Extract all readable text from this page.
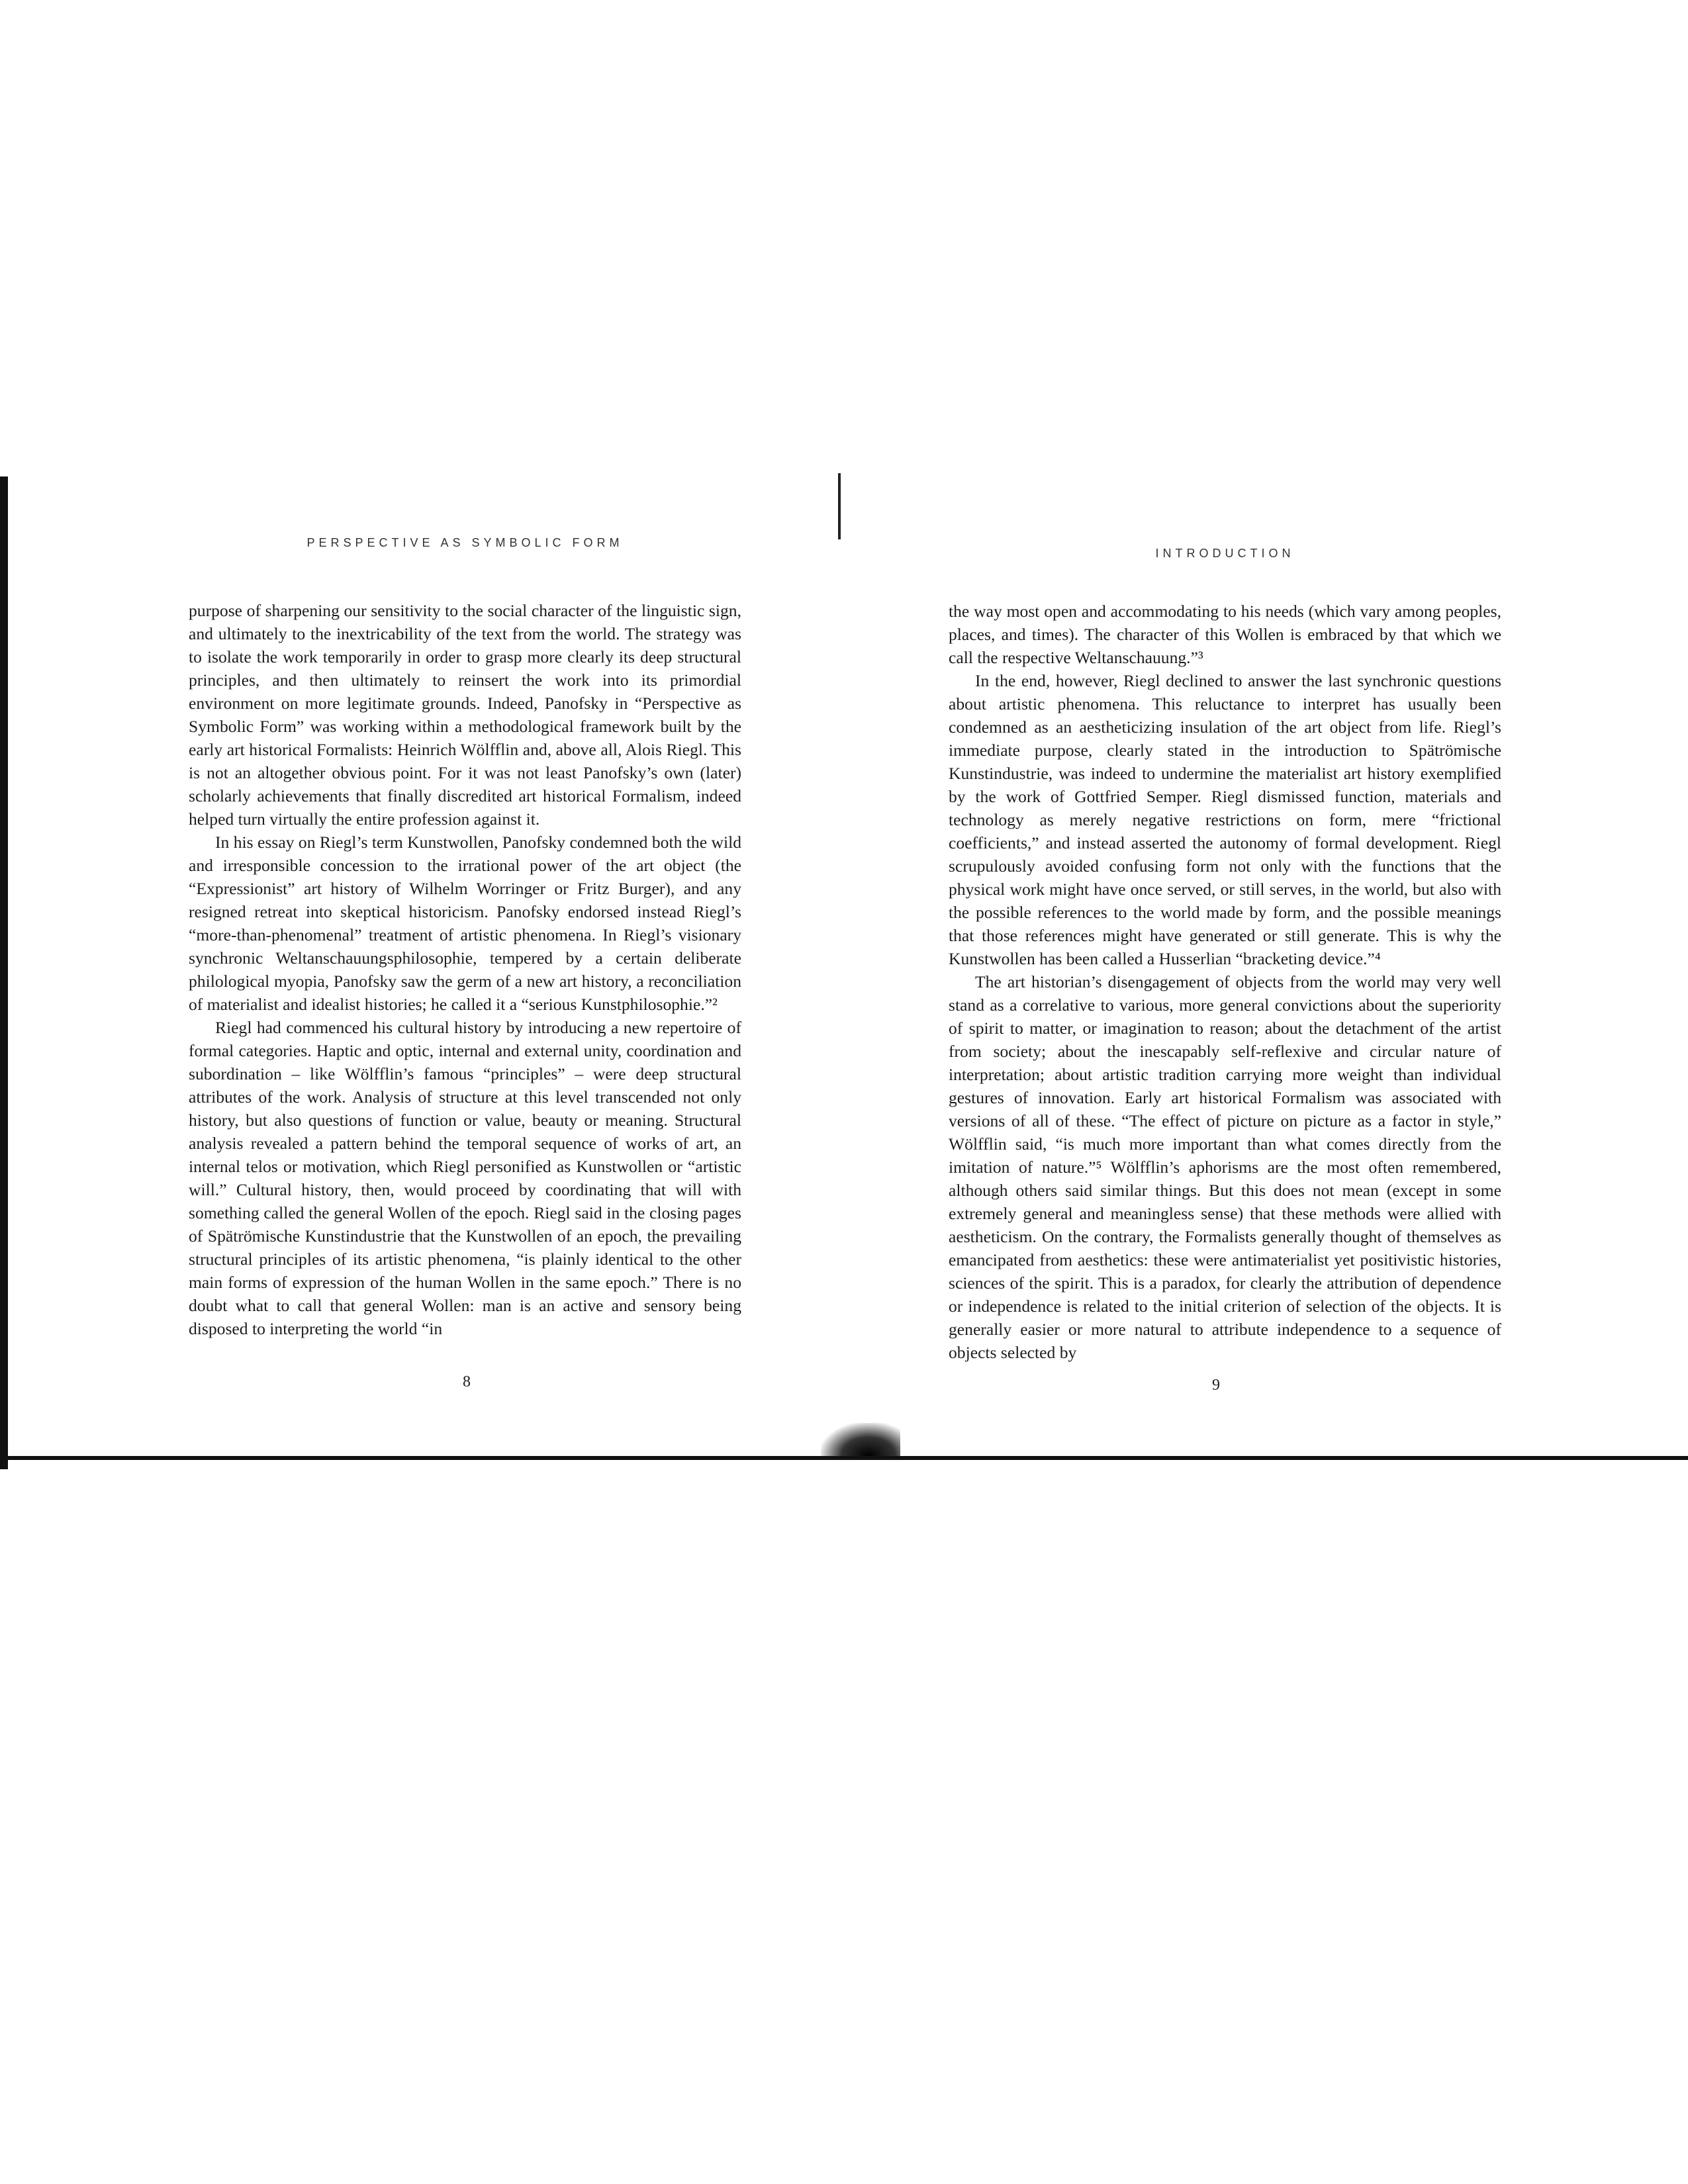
PERSPECTIVE AS SYMBOLIC FORM

purpose of sharpening our sensitivity to the social character of the linguistic sign, and ultimately to the inextricability of the text from the world. The strategy was to isolate the work temporarily in order to grasp more clearly its deep structural principles, and then ultimately to reinsert the work into its primordial environment on more legitimate grounds. Indeed, Panofsky in “Perspective as Symbolic Form” was working within a methodological framework built by the early art historical Formalists: Heinrich Wölfflin and, above all, Alois Riegl. This is not an altogether obvious point. For it was not least Panofsky’s own (later) scholarly achievements that finally discredited art historical Formalism, indeed helped turn virtually the entire profession against it.

In his essay on Riegl’s term Kunstwollen, Panofsky condemned both the wild and irresponsible concession to the irrational power of the art object (the “Expressionist” art history of Wilhelm Worringer or Fritz Burger), and any resigned retreat into skeptical historicism. Panofsky endorsed instead Riegl’s “more-than-phenomenal” treatment of artistic phenomena. In Riegl’s visionary synchronic Weltanschauungsphilosophie, tempered by a certain deliberate philological myopia, Panofsky saw the germ of a new art history, a reconciliation of materialist and idealist histories; he called it a “serious Kunstphilosophie.”²

Riegl had commenced his cultural history by introducing a new repertoire of formal categories. Haptic and optic, internal and external unity, coordination and subordination – like Wölfflin’s famous “principles” – were deep structural attributes of the work. Analysis of structure at this level transcended not only history, but also questions of function or value, beauty or meaning. Structural analysis revealed a pattern behind the temporal sequence of works of art, an internal telos or motivation, which Riegl personified as Kunstwollen or “artistic will.” Cultural history, then, would proceed by coordinating that will with something called the general Wollen of the epoch. Riegl said in the closing pages of Spätrömische Kunstindustrie that the Kunstwollen of an epoch, the prevailing structural principles of its artistic phenomena, “is plainly identical to the other main forms of expression of the human Wollen in the same epoch.” There is no doubt what to call that general Wollen: man is an active and sensory being disposed to interpreting the world “in

8
INTRODUCTION

the way most open and accommodating to his needs (which vary among peoples, places, and times). The character of this Wollen is embraced by that which we call the respective Weltanschauung.”³

In the end, however, Riegl declined to answer the last synchronic questions about artistic phenomena. This reluctance to interpret has usually been condemned as an aestheticizing insulation of the art object from life. Riegl’s immediate purpose, clearly stated in the introduction to Spätrömische Kunstindustrie, was indeed to undermine the materialist art history exemplified by the work of Gottfried Semper. Riegl dismissed function, materials and technology as merely negative restrictions on form, mere “frictional coefficients,” and instead asserted the autonomy of formal development. Riegl scrupulously avoided confusing form not only with the functions that the physical work might have once served, or still serves, in the world, but also with the possible references to the world made by form, and the possible meanings that those references might have generated or still generate. This is why the Kunstwollen has been called a Husserlian “bracketing device.”⁴

The art historian’s disengagement of objects from the world may very well stand as a correlative to various, more general convictions about the superiority of spirit to matter, or imagination to reason; about the detachment of the artist from society; about the inescapably self-reflexive and circular nature of interpretation; about artistic tradition carrying more weight than individual gestures of innovation. Early art historical Formalism was associated with versions of all of these. “The effect of picture on picture as a factor in style,” Wölfflin said, “is much more important than what comes directly from the imitation of nature.”⁵ Wölfflin’s aphorisms are the most often remembered, although others said similar things. But this does not mean (except in some extremely general and meaningless sense) that these methods were allied with aestheticism. On the contrary, the Formalists generally thought of themselves as emancipated from aesthetics: these were antimaterialist yet positivistic histories, sciences of the spirit. This is a paradox, for clearly the attribution of dependence or independence is related to the initial criterion of selection of the objects. It is generally easier or more natural to attribute independence to a sequence of objects selected by

9
